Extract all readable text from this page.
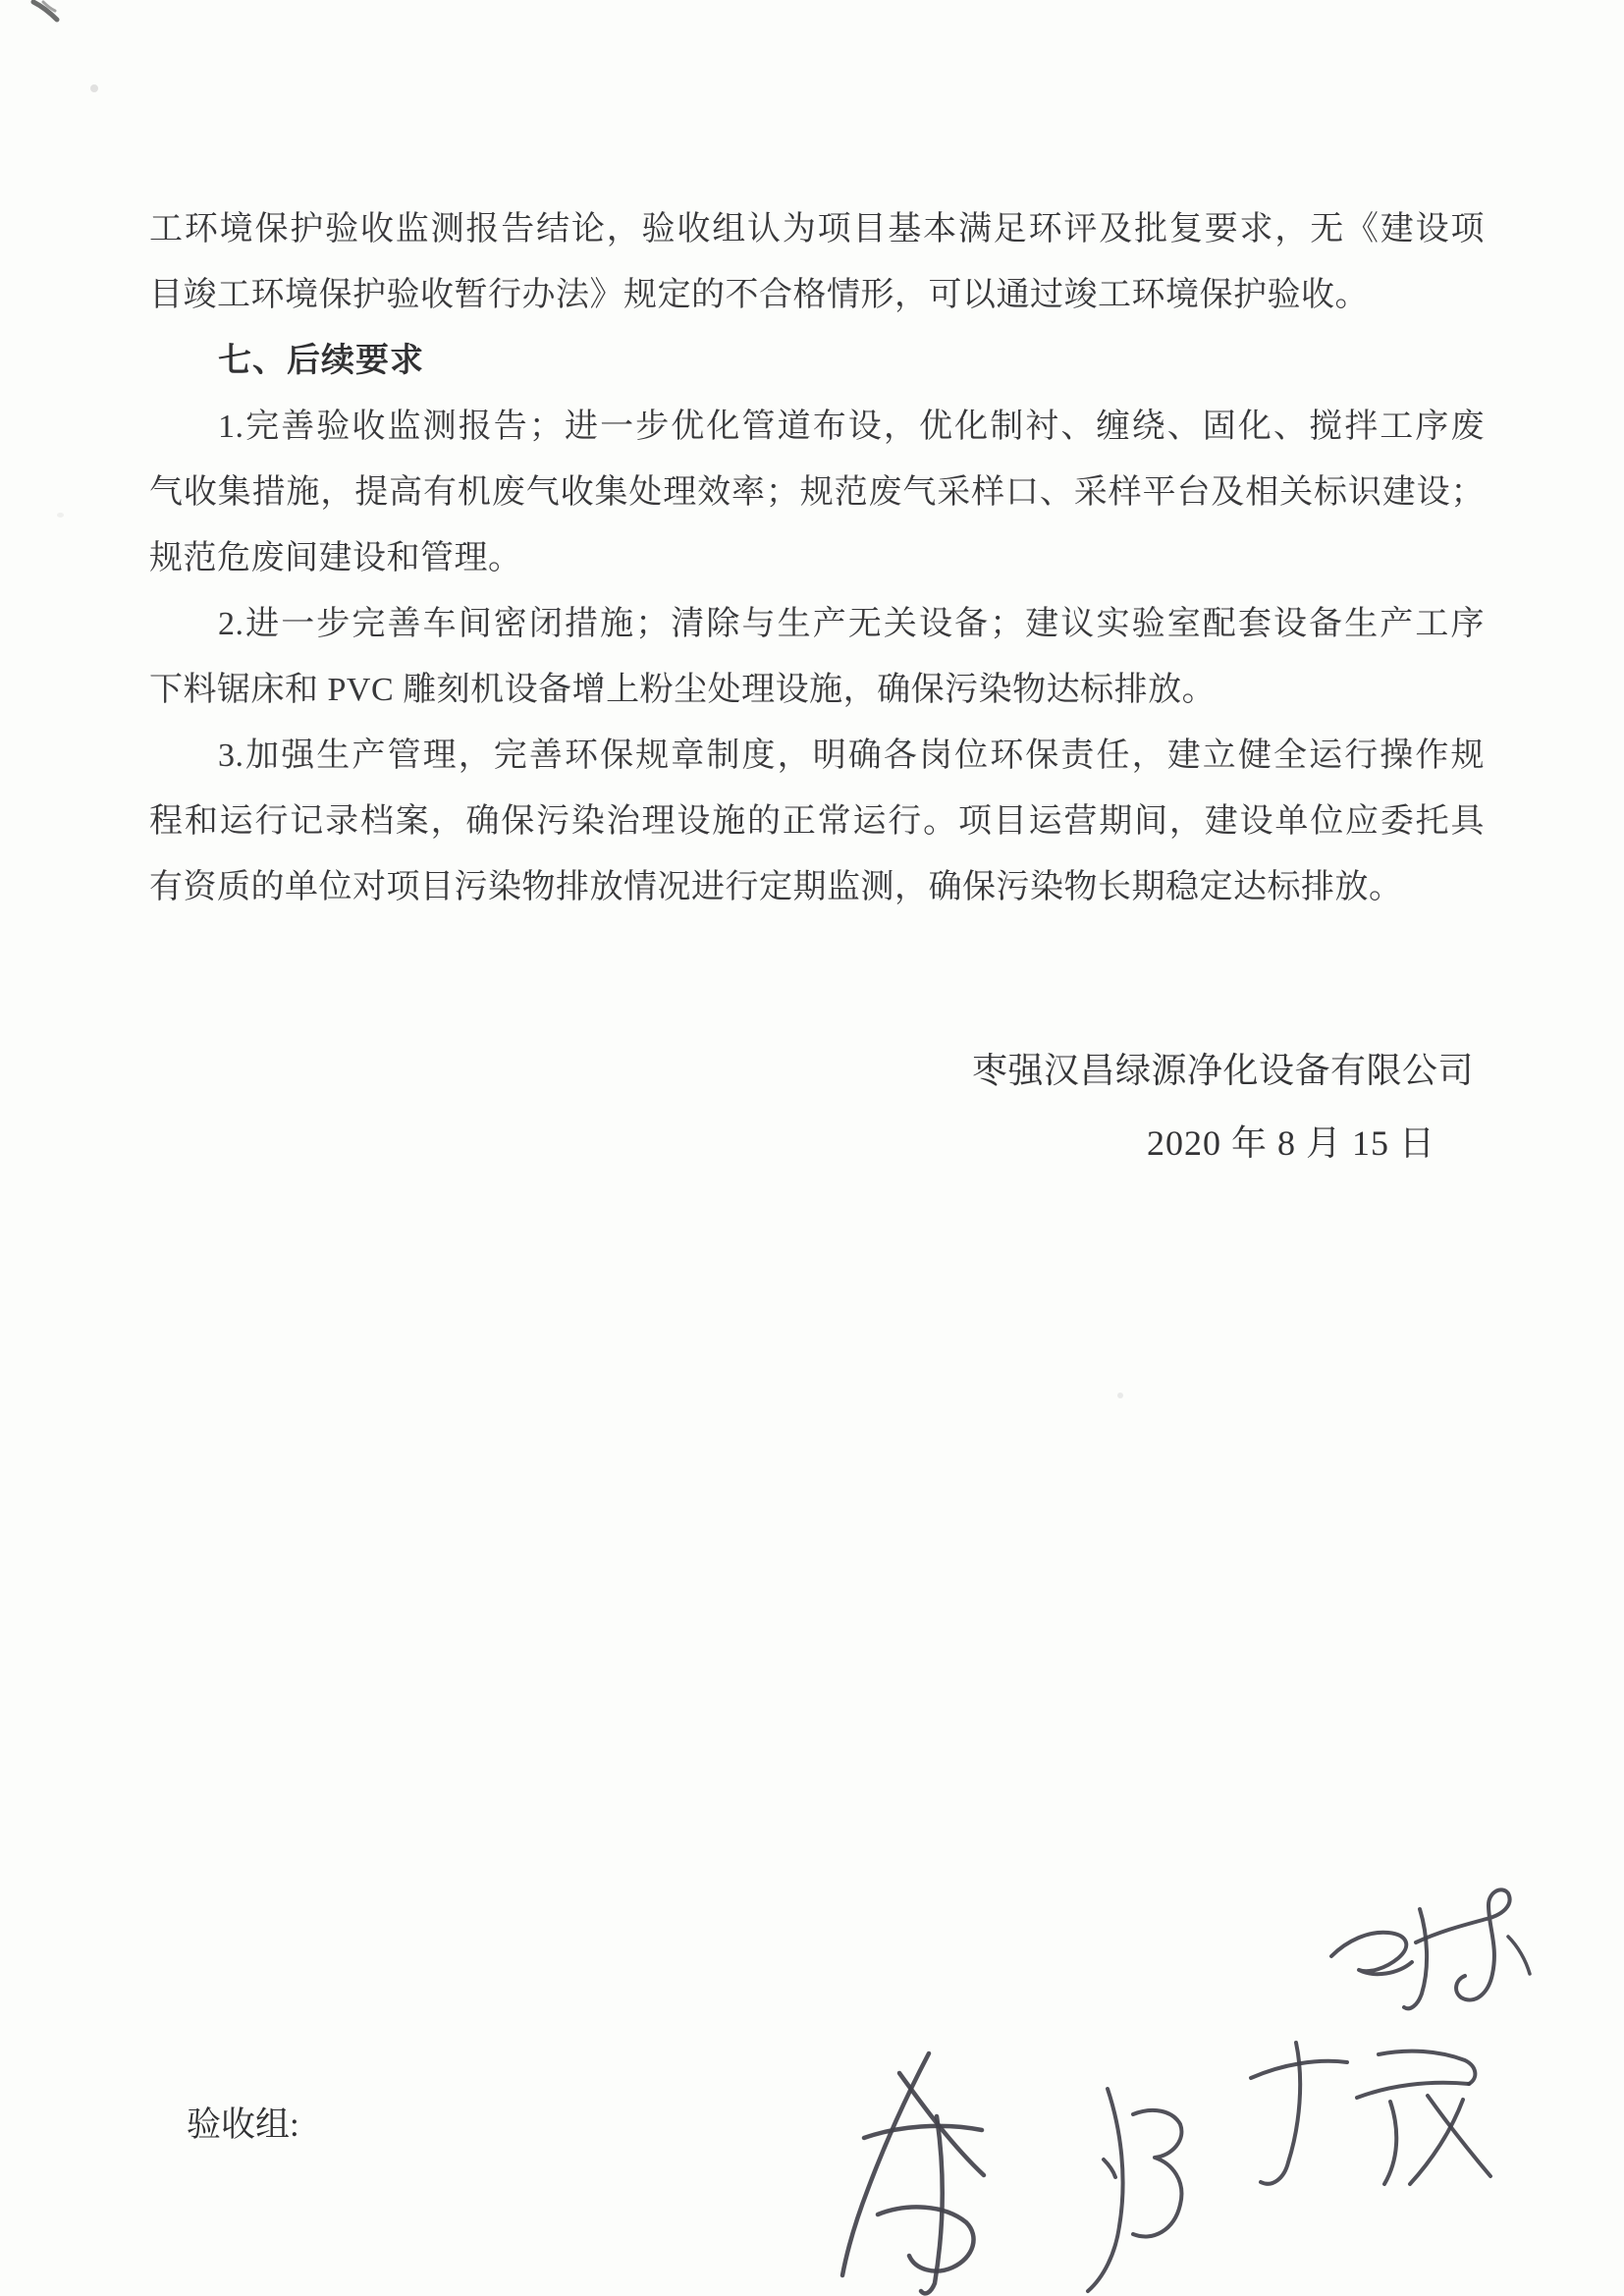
工环境保护验收监测报告结论，验收组认为项目基本满足环评及批复要求，无《建设项
目竣工环境保护验收暂行办法》规定的不合格情形，可以通过竣工环境保护验收。
七、后续要求
1.完善验收监测报告；进一步优化管道布设，优化制衬、缠绕、固化、搅拌工序废
气收集措施，提高有机废气收集处理效率；规范废气采样口、采样平台及相关标识建设；
规范危废间建设和管理。
2.进一步完善车间密闭措施；清除与生产无关设备；建议实验室配套设备生产工序
下料锯床和 PVC 雕刻机设备增上粉尘处理设施，确保污染物达标排放。
3.加强生产管理，完善环保规章制度，明确各岗位环保责任，建立健全运行操作规
程和运行记录档案，确保污染治理设施的正常运行。项目运营期间，建设单位应委托具
有资质的单位对项目污染物排放情况进行定期监测，确保污染物长期稳定达标排放。
枣强汉昌绿源净化设备有限公司
2020 年 8 月 15 日
验收组:
